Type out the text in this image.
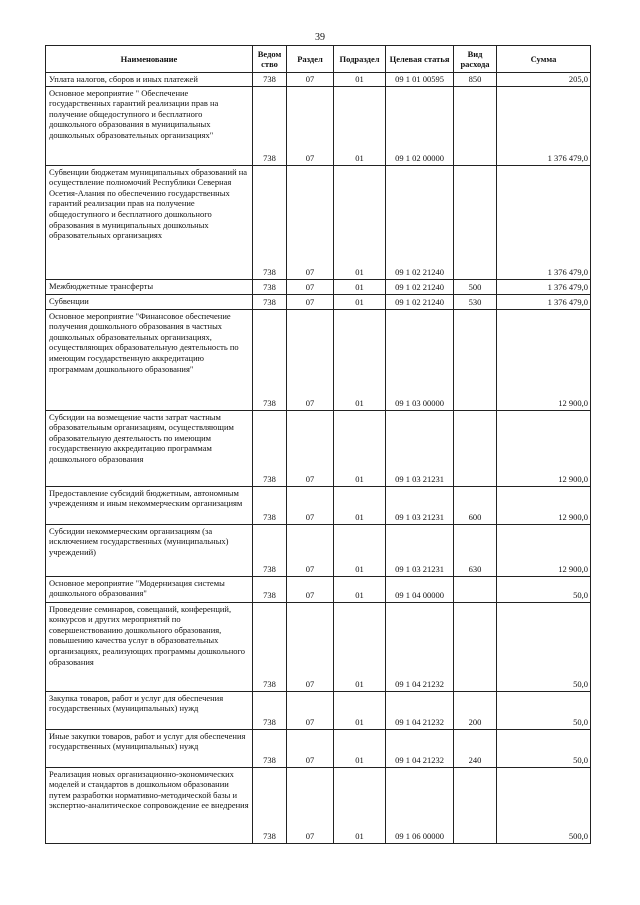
39
Наименование	Ведом ство	Раздел	Подраздел	Целевая статья	Вид расхода	Сумма
Уплата налогов, сборов и иных платежей	738	07	01	09 1 01 00595	850	205,0
Основное мероприятие " Обеспечение государственных гарантий реализации прав на получение общедоступного и бесплатного дошкольного образования в муниципальных дошкольных образовательных организациях"	738	07	01	09 1 02 00000		1 376 479,0
Субвенции бюджетам муниципальных образований на осуществление полномочий Республики Северная Осетия-Алания по обеспечению государственных гарантий реализации прав на получение общедоступного и бесплатного дошкольного образования в муниципальных дошкольных образовательных организациях	738	07	01	09 1 02 21240		1 376 479,0
Межбюджетные трансферты	738	07	01	09 1 02 21240	500	1 376 479,0
Субвенции	738	07	01	09 1 02 21240	530	1 376 479,0
Основное мероприятие "Финансовое обеспечение получения дошкольного образования в частных дошкольных образовательных организациях, осуществляющих образовательную деятельность по имеющим государственную аккредитацию программам дошкольного образования"	738	07	01	09 1 03 00000		12 900,0
Субсидии на возмещение части затрат частным образовательным организациям, осуществляющим образовательную деятельность по имеющим государственную аккредитацию программам дошкольного образования	738	07	01	09 1 03 21231		12 900,0
Предоставление субсидий бюджетным, автономным учреждениям и иным некоммерческим организациям	738	07	01	09 1 03 21231	600	12 900,0
Субсидии некоммерческим организациям (за исключением государственных (муниципальных) учреждений)	738	07	01	09 1 03 21231	630	12 900,0
Основное мероприятие "Модернизация системы дошкольного образования"	738	07	01	09 1 04 00000		50,0
Проведение семинаров, совещаний, конференций, конкурсов и других мероприятий по совершенствованию дошкольного образования, повышению качества услуг в образовательных организациях, реализующих программы дошкольного образования	738	07	01	09 1 04 21232		50,0
Закупка товаров, работ и услуг для обеспечения государственных (муниципальных) нужд	738	07	01	09 1 04 21232	200	50,0
Иные закупки товаров, работ и услуг для обеспечения государственных (муниципальных) нужд	738	07	01	09 1 04 21232	240	50,0
Реализация новых организационно-экономических моделей и стандартов в дошкольном образовании путем разработки нормативно-методической базы и экспертно-аналитическое сопровождение ее внедрения	738	07	01	09 1 06 00000		500,0
